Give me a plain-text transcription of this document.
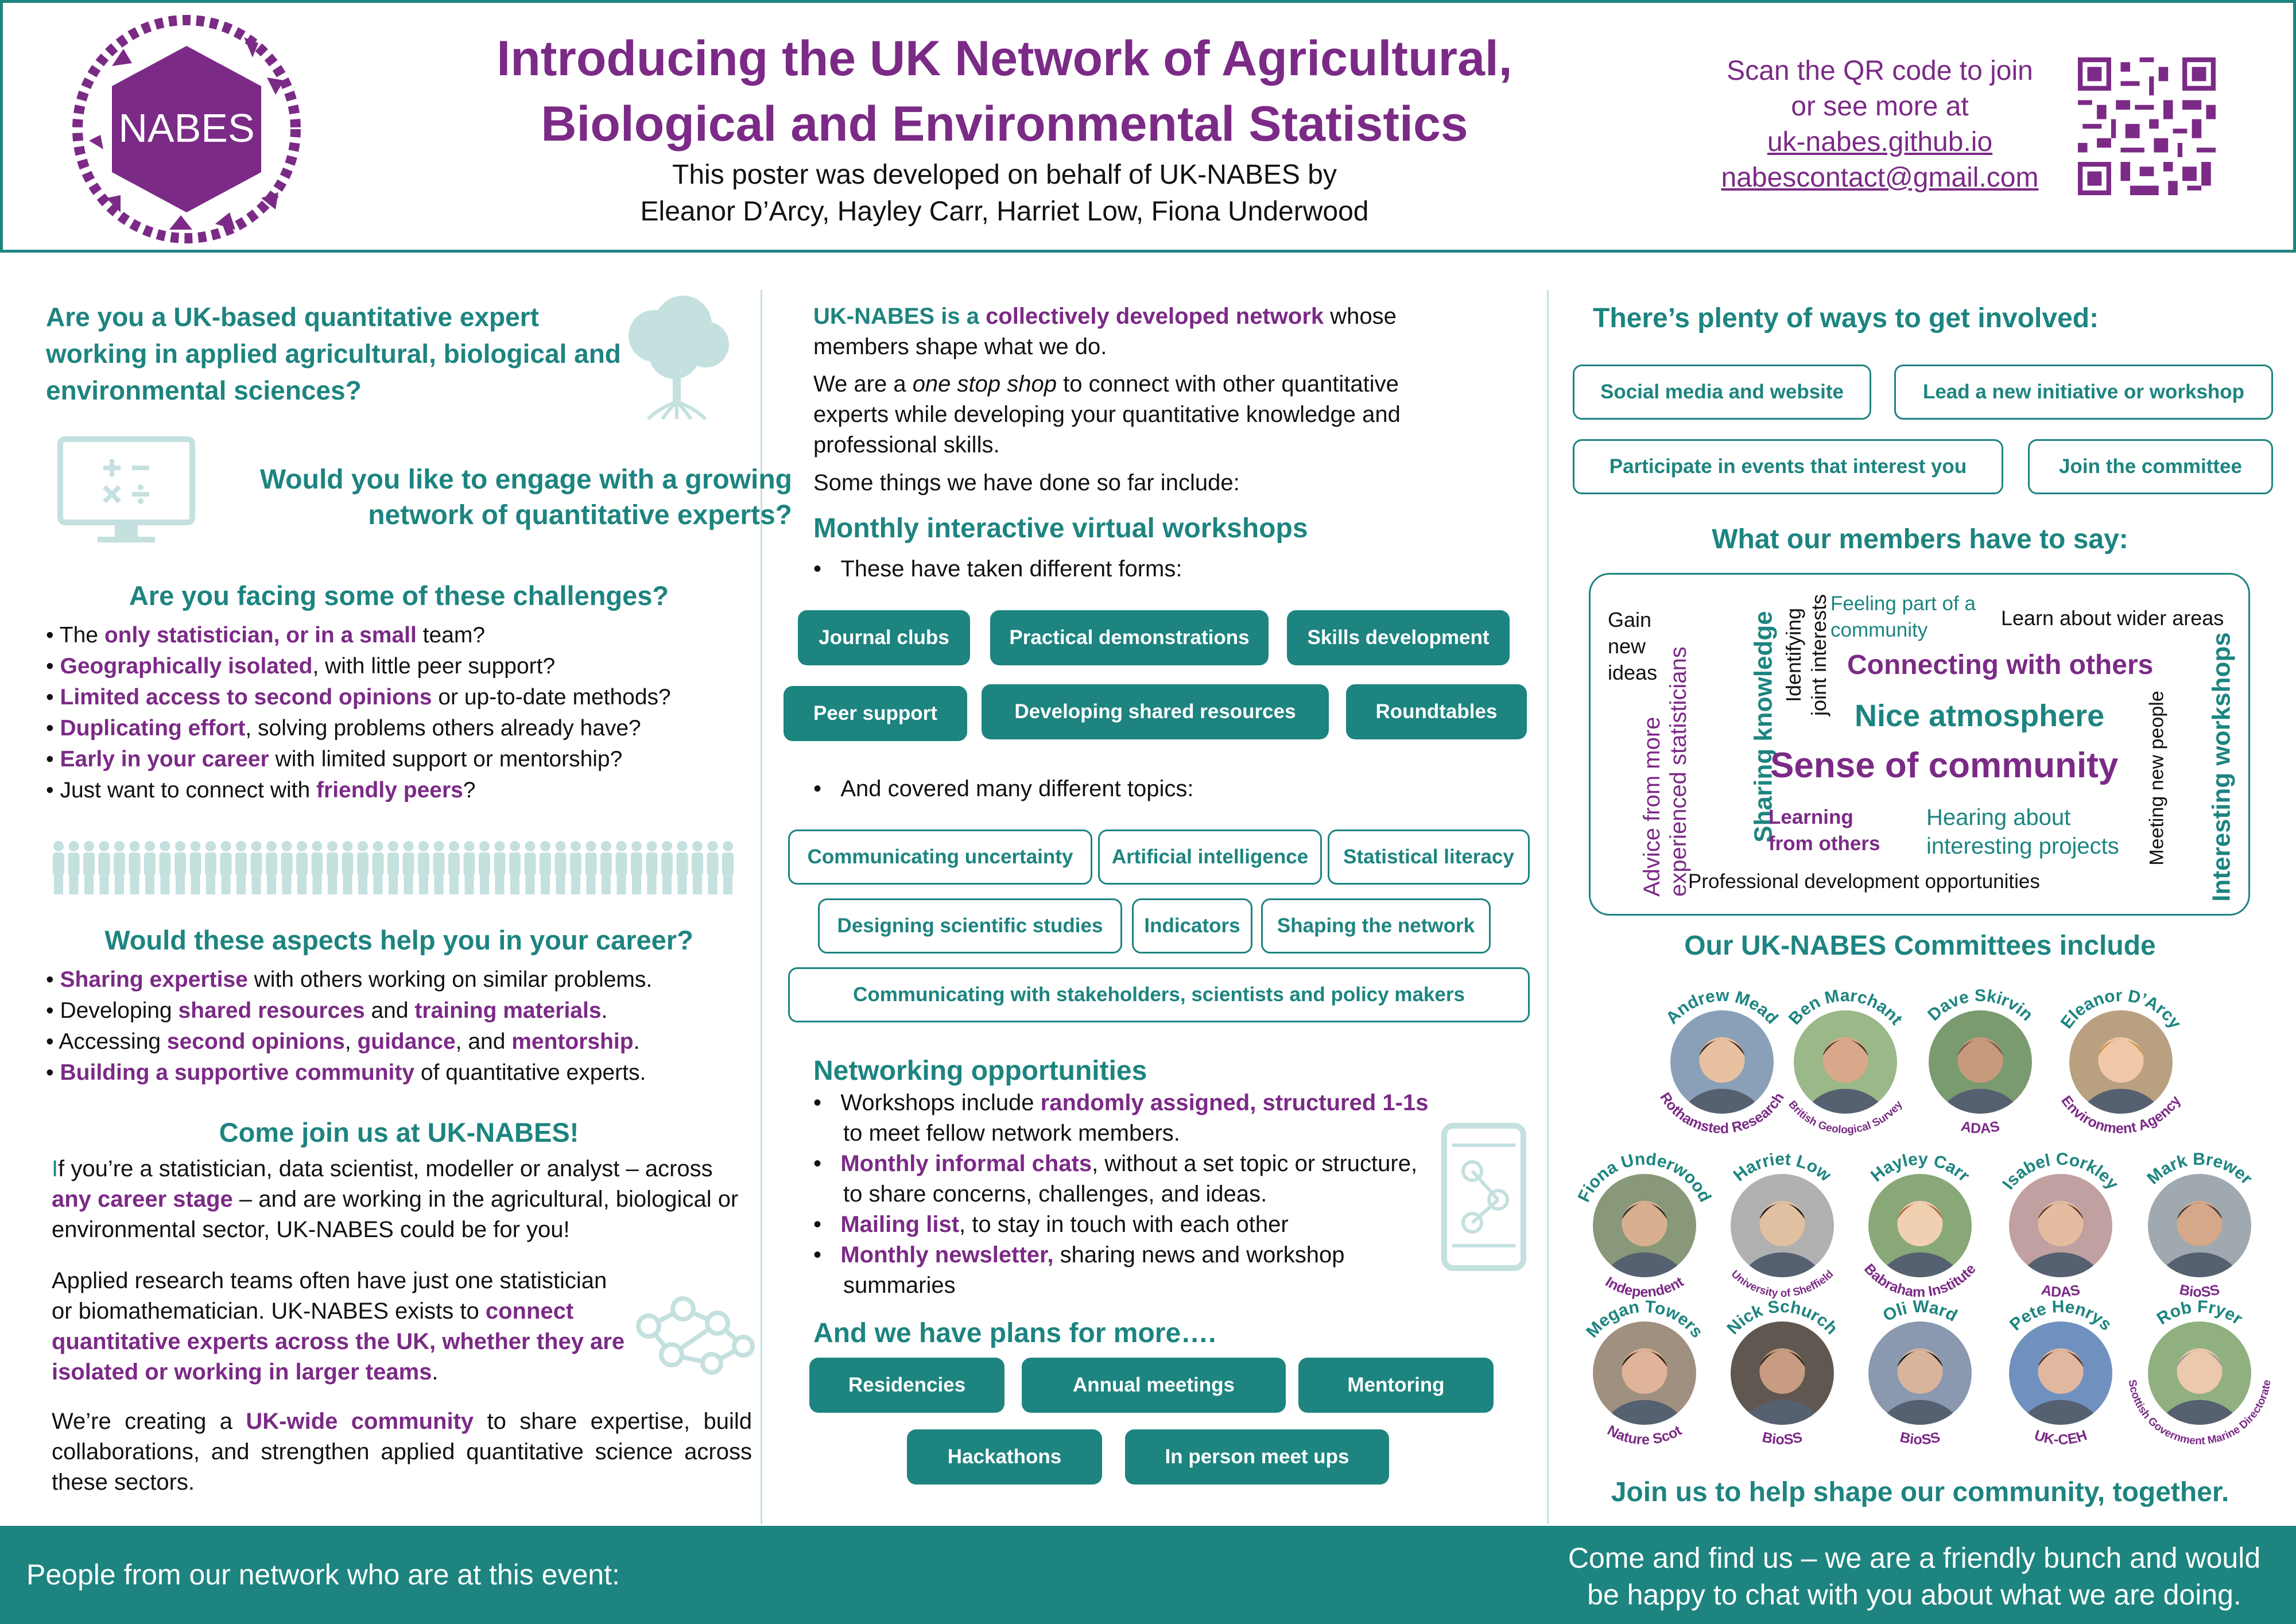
NABES
Introducing the UK Network of Agricultural,
Biological and Environmental Statistics
This poster was developed on behalf of UK-NABES by
Eleanor D’Arcy, Hayley Carr, Harriet Low, Fiona Underwood
Scan the QR code to join
or see more at
uk-nabes.github.io
nabescontact@gmail.com
Are you a UK-based quantitative expert working in applied agricultural, biological and environmental sciences?
Would you like to engage with a growing
network of quantitative experts?
Are you facing some of these challenges?
• The only statistician, or in a small team?
• Geographically isolated, with little peer support?
• Limited access to second opinions or up-to-date methods?
• Duplicating effort, solving problems others already have?
• Early in your career with limited support or mentorship?
• Just want to connect with friendly peers?
Would these aspects help you in your career?
• Sharing expertise with others working on similar problems.
• Developing shared resources and training materials.
• Accessing second opinions, guidance, and mentorship.
• Building a supportive community of quantitative experts.
Come join us at UK-NABES!

If you’re a statistician, data scientist, modeller or analyst – across any career stage – and are working in the agricultural, biological or environmental sector, UK-NABES could be for you!

Applied research teams often have just one statistician or biomathematician. UK-NABES exists to connect quantitative experts across the UK, whether they are isolated or working in larger teams.

We’re creating a UK-wide community to share expertise, build collaborations, and strengthen applied quantitative science across these sectors.

UK-NABES is a collectively developed network whose members shape what we do.

We are a one stop shop to connect with other quantitative experts while developing your quantitative knowledge and professional skills.

Some things we have done so far include:

Monthly interactive virtual workshops
•   These have taken different forms:
Journal clubs	Practical demonstrations	Skills development
Peer support	Developing shared resources	Roundtables
•   And covered many different topics:
Communicating uncertainty	Artificial intelligence	Statistical literacy
Designing scientific studies	Indicators	Shaping the network
Communicating with stakeholders, scientists and policy makers
Networking opportunities
•   Workshops include randomly assigned, structured 1-1s to meet fellow network members.
•   Monthly informal chats, without a set topic or structure, to share concerns, challenges, and ideas.
•   Mailing list, to stay in touch with each other
•   Monthly newsletter, sharing news and workshop summaries
And we have plans for more….
Residencies	Annual meetings	Mentoring
Hackathons	In person meet ups
There’s plenty of ways to get involved:
Social media and website	Lead a new initiative or workshop
Participate in events that interest you	Join the committee
What our members have to say:
Gain
new
ideas
Advice from more
experienced statisticians Sharing knowledge Identifying
joint interests Feeling part of a
community
Learn about wider areas
Connecting with others
Nice atmosphere
Sense of community
Learning
from others
Hearing about
interesting projects Meeting new people Interesting workshops
Professional development opportunities
Our UK-NABES Committees include
Andrew Mead
Rothamsted Research
Ben Marchant
British Geological Survey
Dave Skirvin
ADAS
Eleanor D’Arcy
Environment Agency
Fiona Underwood
Independent
Harriet Low
University of Sheffield
Hayley Carr
Babraham Institute
Isabel Corkley
ADAS
Mark Brewer
BioSS
Megan Towers
Nature Scot
Nick Schurch
BioSS
Oli Ward
BioSS
Pete Henrys
UK-CEH
Rob Fryer
Scottish Government Marine Directorate
Join us to help shape our community, together.
People from our network who are at this event:
Come and find us – we are a friendly bunch and would
be happy to chat with you about what we are doing.
